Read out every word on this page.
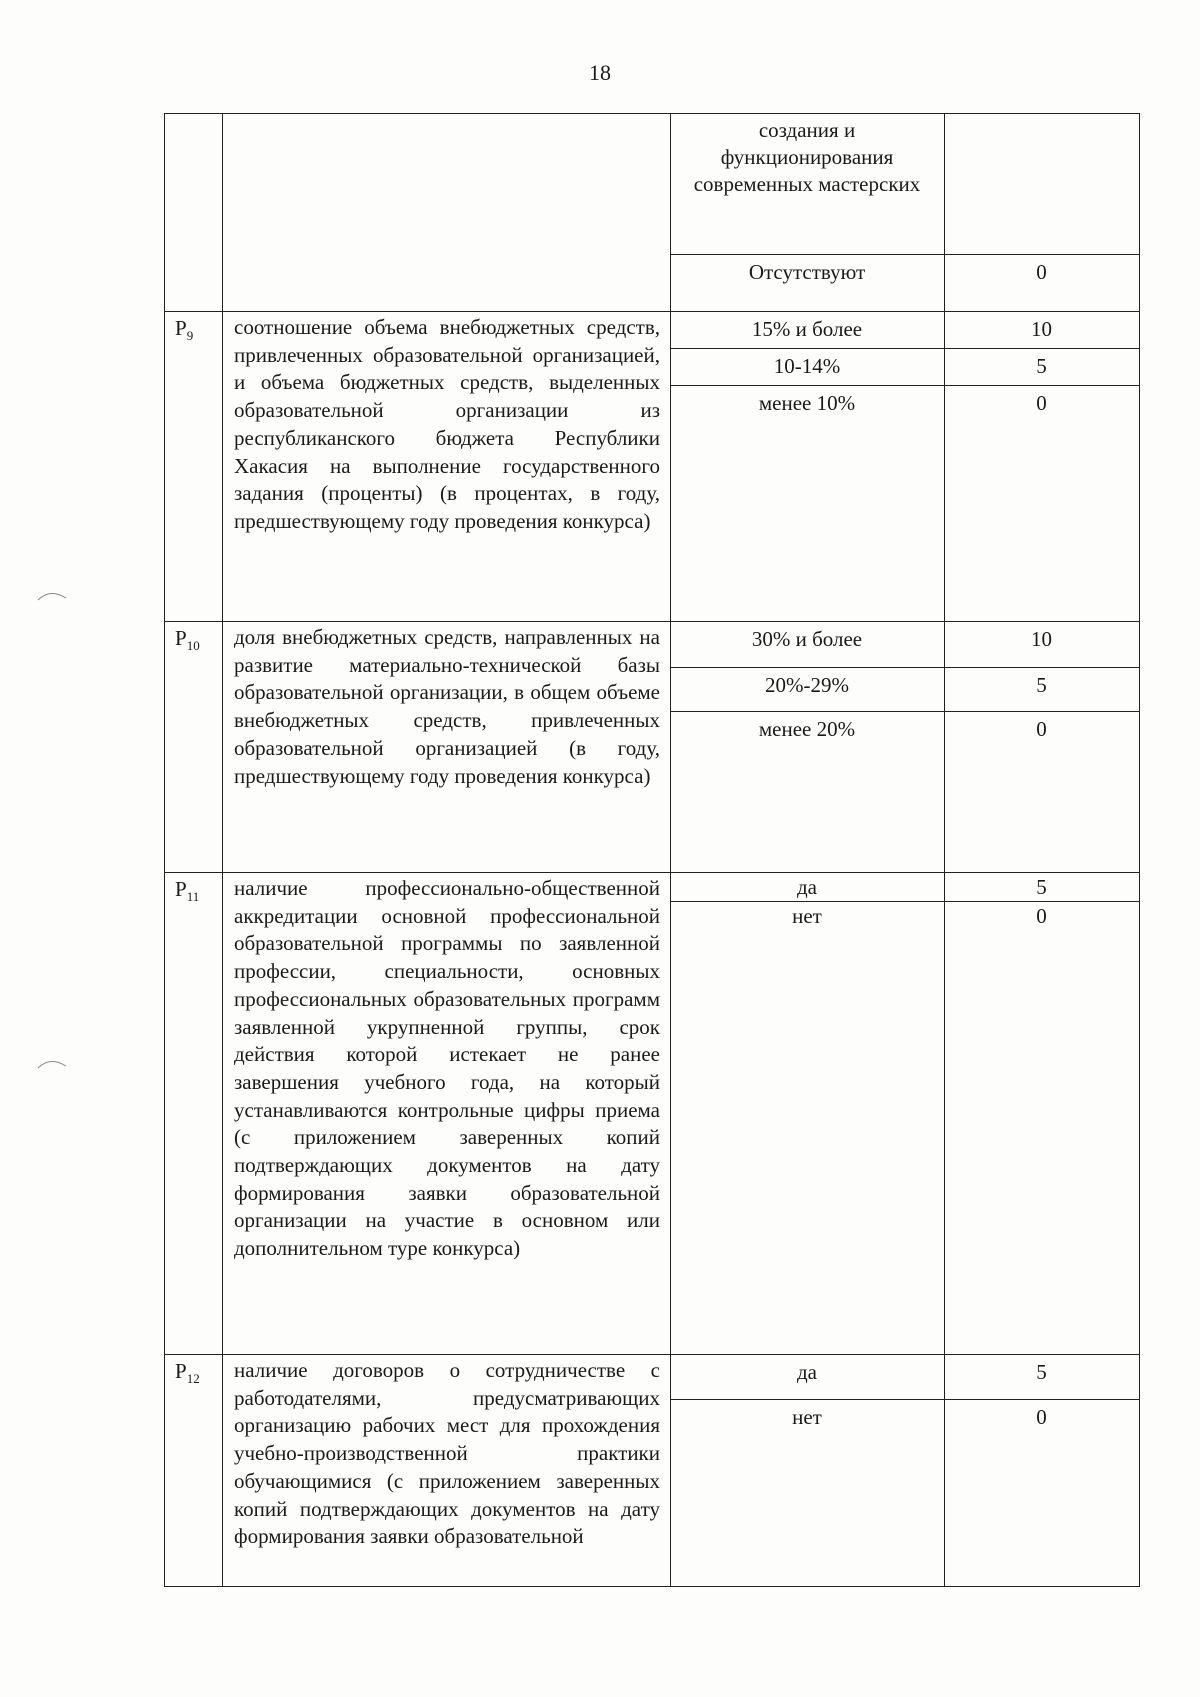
18
создания и функционирования современных мастерских
Отсутствуют	0
$P_9$	соотношение объема внебюджетных средств, привлеченных образовательной организацией, и объема бюджетных средств, выделенных образовательной организации из республиканского бюджета Республики Хакасия на выполнение государственного задания (проценты) (в процентах, в году, предшествующему году проведения конкурса)
15% и более	10
10-14%	5
менее 10%	0
$P_{10}$	доля внебюджетных средств, направленных на развитие материально-технической базы образовательной организации, в общем объеме внебюджетных средств, привлеченных образовательной организацией (в году, предшествующему году проведения конкурса)
30% и более	10
20%-29%	5
менее 20%	0
$P_{11}$	наличие профессионально-общественной аккредитации основной профессиональной образовательной программы по заявленной профессии, специальности, основных профессиональных образовательных программ заявленной укрупненной группы, срок действия которой истекает не ранее завершения учебного года, на который устанавливаются контрольные цифры приема (с приложением заверенных копий подтверждающих документов на дату формирования заявки образовательной организации на участие в основном или дополнительном туре конкурса)
да	5
нет	0
$P_{12}$	наличие договоров о сотрудничестве с работодателями, предусматривающих организацию рабочих мест для прохождения учебно-производственной практики обучающимися (с приложением заверенных копий подтверждающих документов на дату формирования заявки образовательной
да	5
нет	0
